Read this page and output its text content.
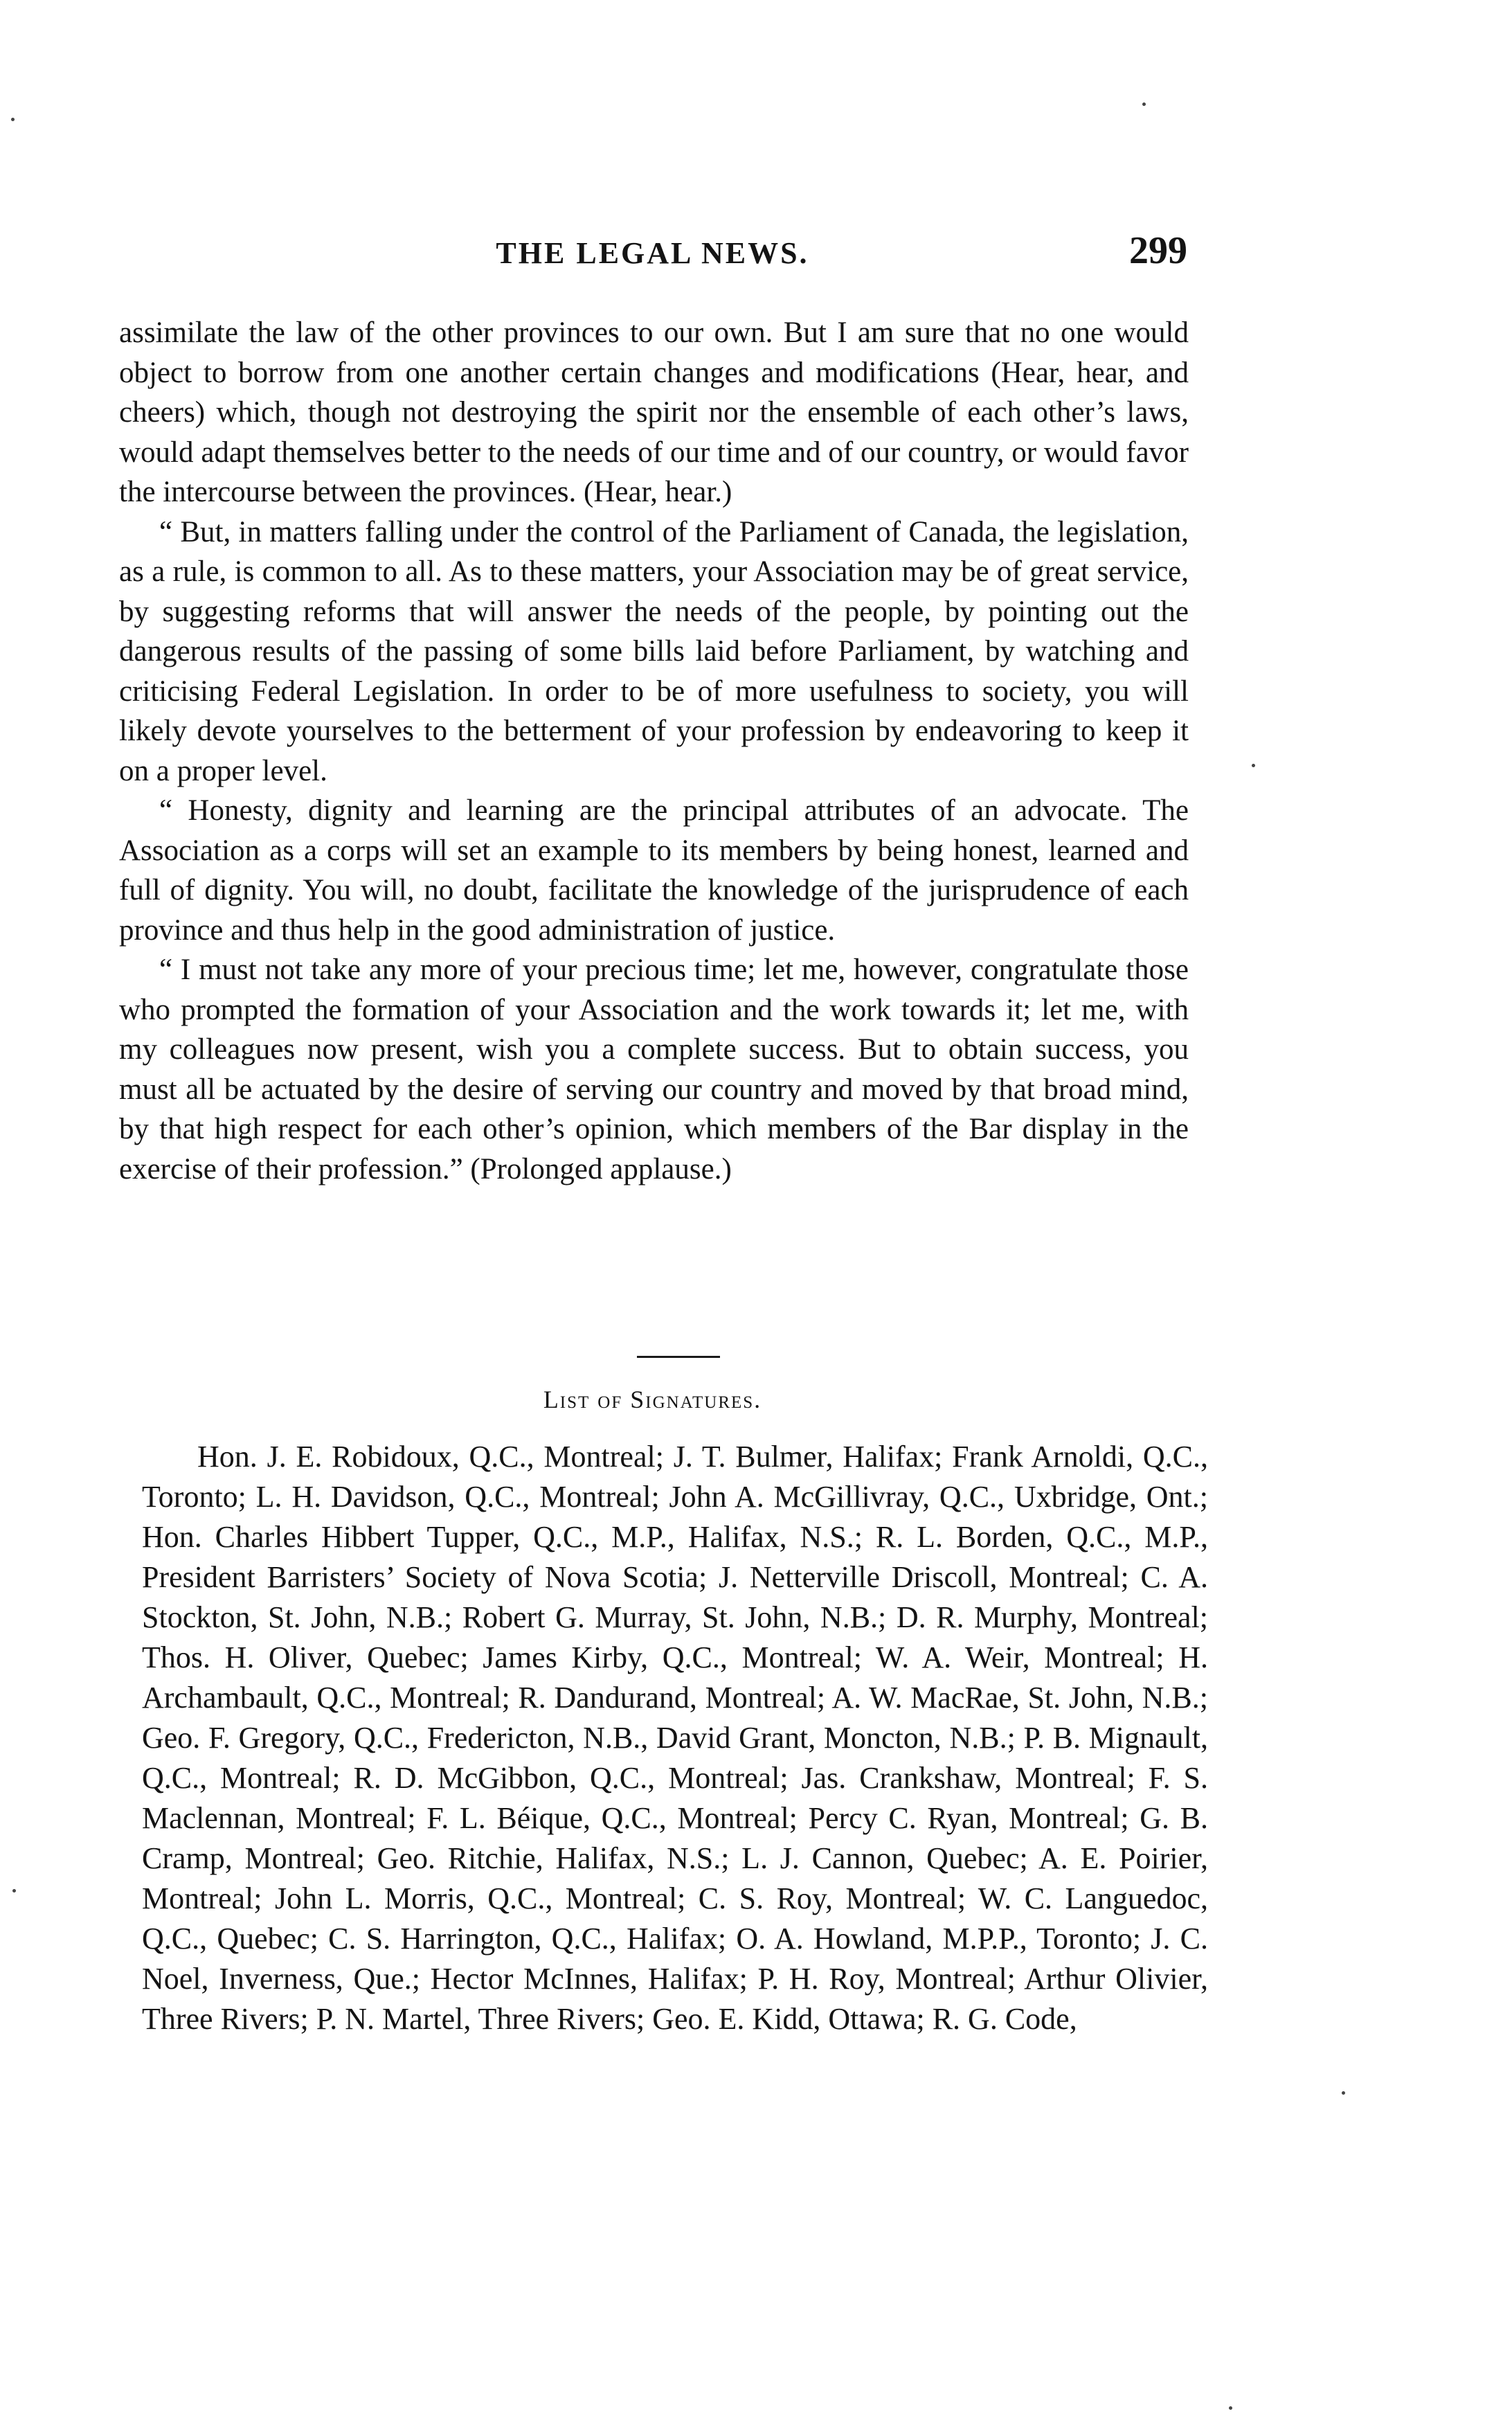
THE LEGAL NEWS.	299

assimilate the law of the other provinces to our own. But I am sure that no one would object to borrow from one another certain changes and modifications (Hear, hear, and cheers) which, though not destroying the spirit nor the ensemble of each other’s laws, would adapt themselves better to the needs of our time and of our country, or would favor the intercourse between the provinces. (Hear, hear.)

“ But, in matters falling under the control of the Parliament of Canada, the legislation, as a rule, is common to all. As to these matters, your Association may be of great service, by suggesting reforms that will answer the needs of the people, by pointing out the dangerous results of the passing of some bills laid before Parliament, by watching and criticising Federal Legislation. In order to be of more usefulness to society, you will likely devote yourselves to the betterment of your profession by endeavoring to keep it on a proper level.

“ Honesty, dignity and learning are the principal attributes of an advocate. The Association as a corps will set an example to its members by being honest, learned and full of dignity. You will, no doubt, facilitate the knowledge of the jurisprudence of each province and thus help in the good administration of justice.

“ I must not take any more of your precious time; let me, however, congratulate those who prompted the formation of your Association and the work towards it; let me, with my colleagues now present, wish you a complete success. But to obtain success, you must all be actuated by the desire of serving our country and moved by that broad mind, by that high respect for each other’s opinion, which members of the Bar display in the exercise of their profession.” (Prolonged applause.)

List of Signatures.
Hon. J. E. Robidoux, Q.C., Montreal; J. T. Bulmer, Halifax; Frank Arnoldi, Q.C., Toronto; L. H. Davidson, Q.C., Montreal; John A. McGillivray, Q.C., Uxbridge, Ont.; Hon. Charles Hibbert Tupper, Q.C., M.P., Halifax, N.S.; R. L. Borden, Q.C., M.P., President Barristers’ Society of Nova Scotia; J. Netterville Driscoll, Montreal; C. A. Stockton, St. John, N.B.; Robert G. Murray, St. John, N.B.; D. R. Murphy, Montreal; Thos. H. Oliver, Quebec; James Kirby, Q.C., Montreal; W. A. Weir, Montreal; H. Archambault, Q.C., Montreal; R. Dandurand, Montreal; A. W. MacRae, St. John, N.B.; Geo. F. Gregory, Q.C., Fredericton, N.B., David Grant, Moncton, N.B.; P. B. Mignault, Q.C., Montreal; R. D. McGibbon, Q.C., Montreal; Jas. Crankshaw, Montreal; F. S. Maclennan, Montreal; F. L. Béique, Q.C., Montreal; Percy C. Ryan, Montreal; G. B. Cramp, Montreal; Geo. Ritchie, Halifax, N.S.; L. J. Cannon, Quebec; A. E. Poirier, Montreal; John L. Morris, Q.C., Montreal; C. S. Roy, Montreal; W. C. Languedoc, Q.C., Quebec; C. S. Harrington, Q.C., Halifax; O. A. Howland, M.P.P., Toronto; J. C. Noel, Inverness, Que.; Hector McInnes, Halifax; P. H. Roy, Montreal; Arthur Olivier, Three Rivers; P. N. Martel, Three Rivers; Geo. E. Kidd, Ottawa; R. G. Code,
